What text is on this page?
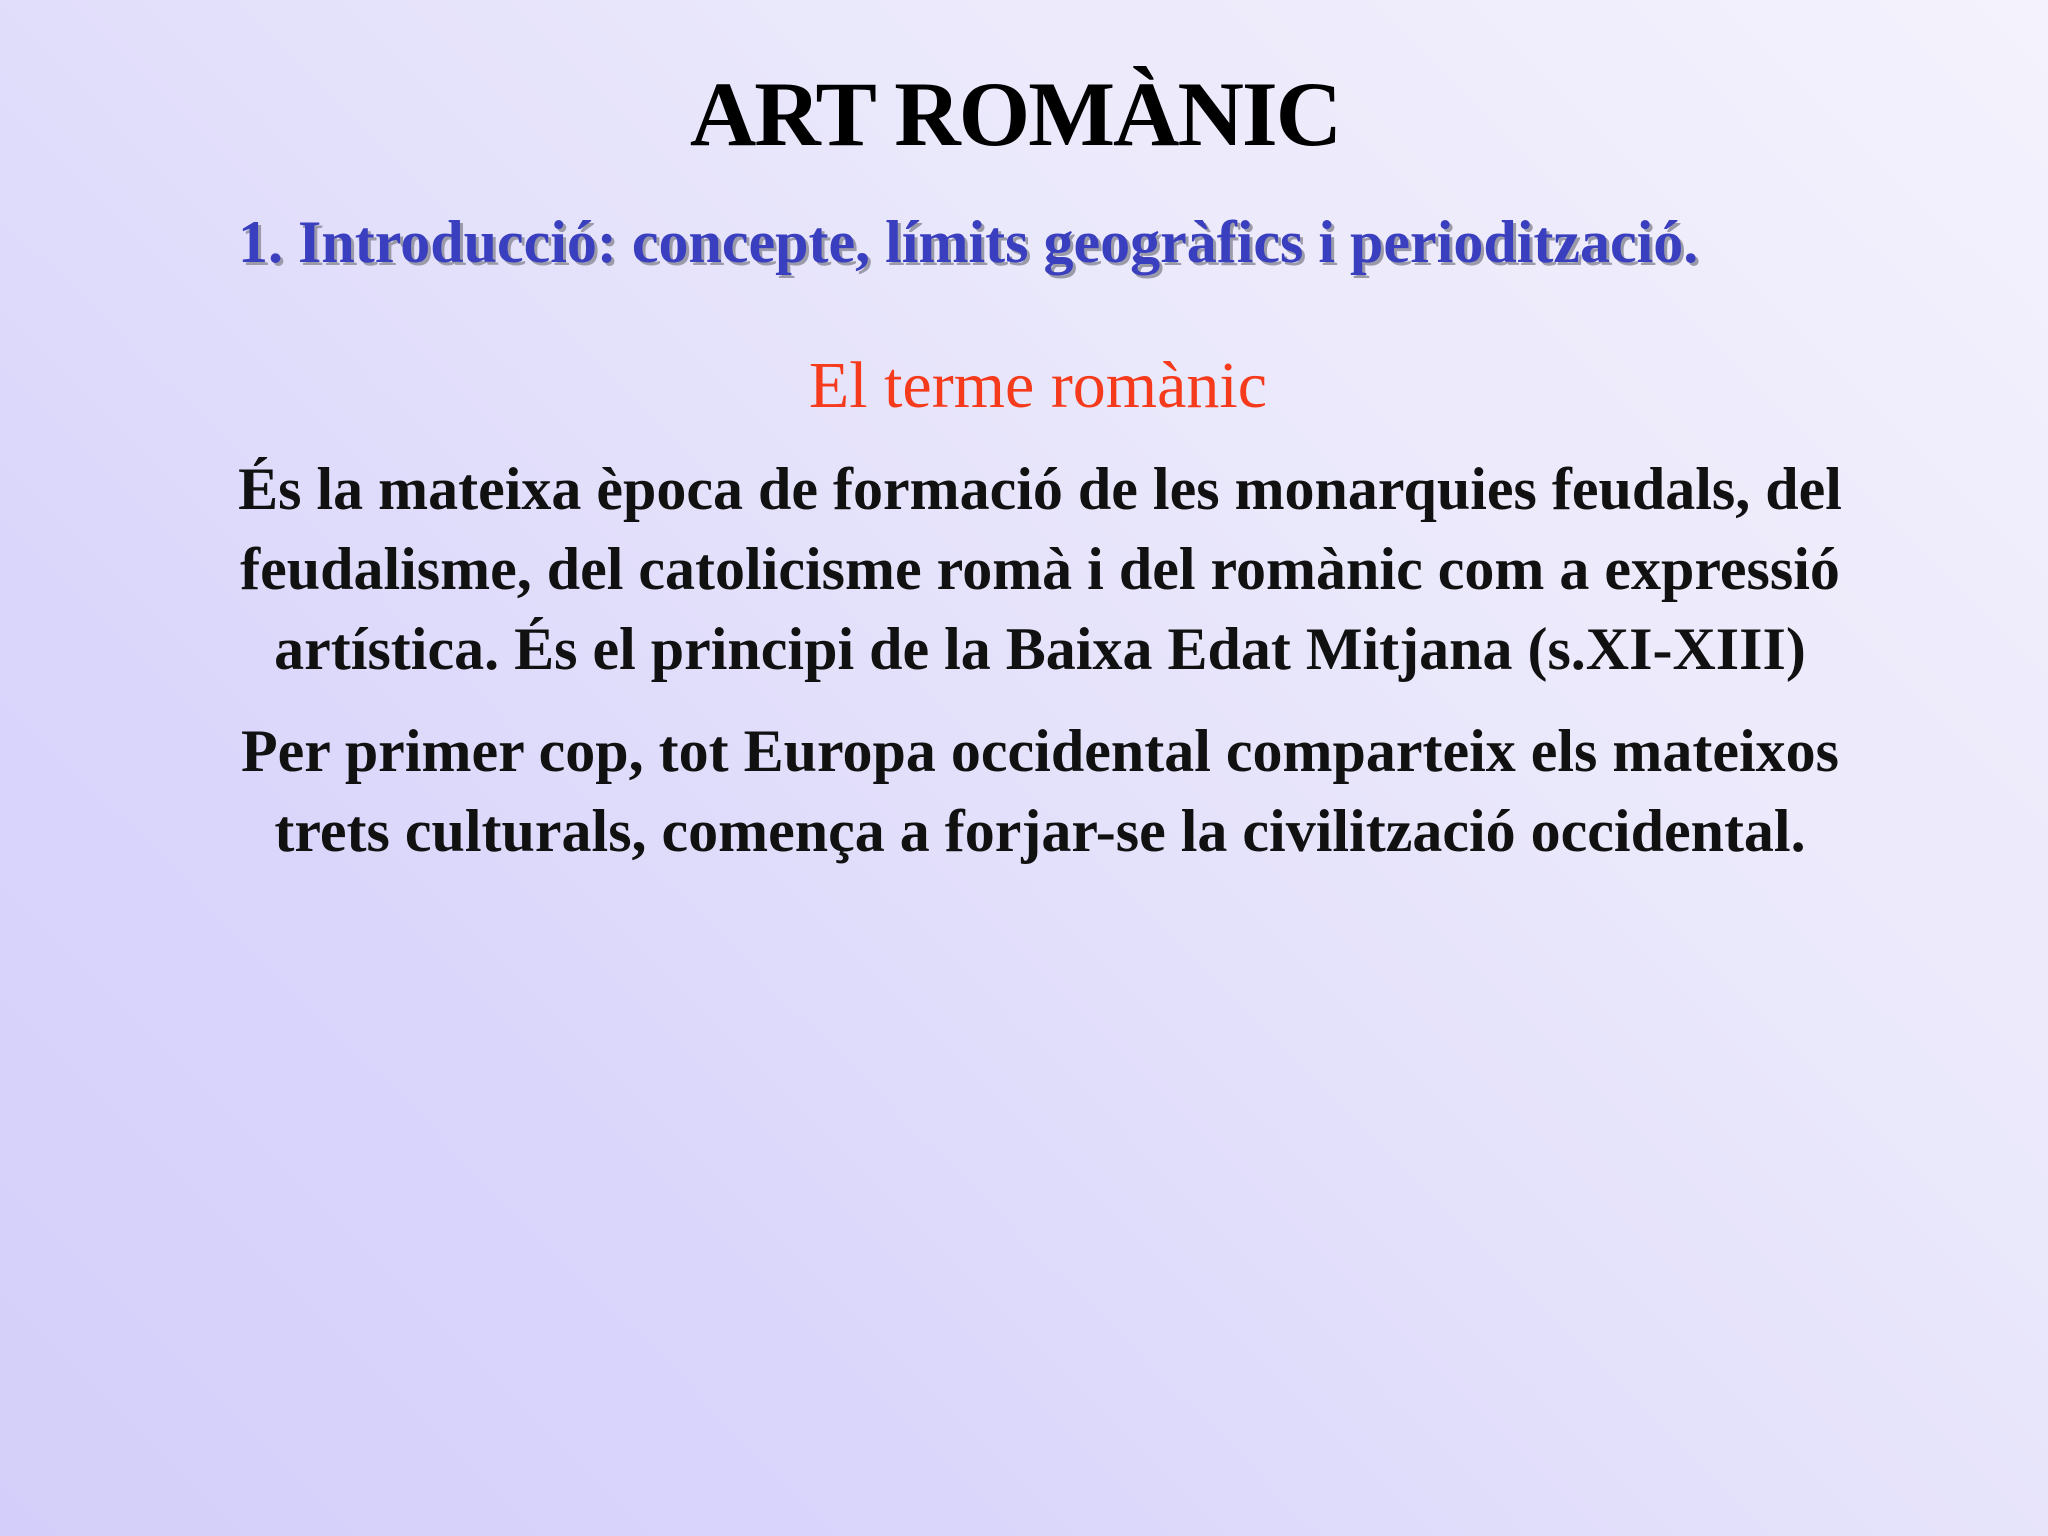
ART ROMÀNIC
1. Introducció: concepte, límits geogràfics i periodització.
El terme romànic
És la mateixa època de formació de les monarquies feudals, del
feudalisme, del catolicisme romà i del romànic com a expressió
artística. És el principi de la Baixa Edat Mitjana (s.XI-XIII)
Per primer cop, tot Europa occidental comparteix els mateixos
trets culturals, comença a forjar-se la civilització occidental.
